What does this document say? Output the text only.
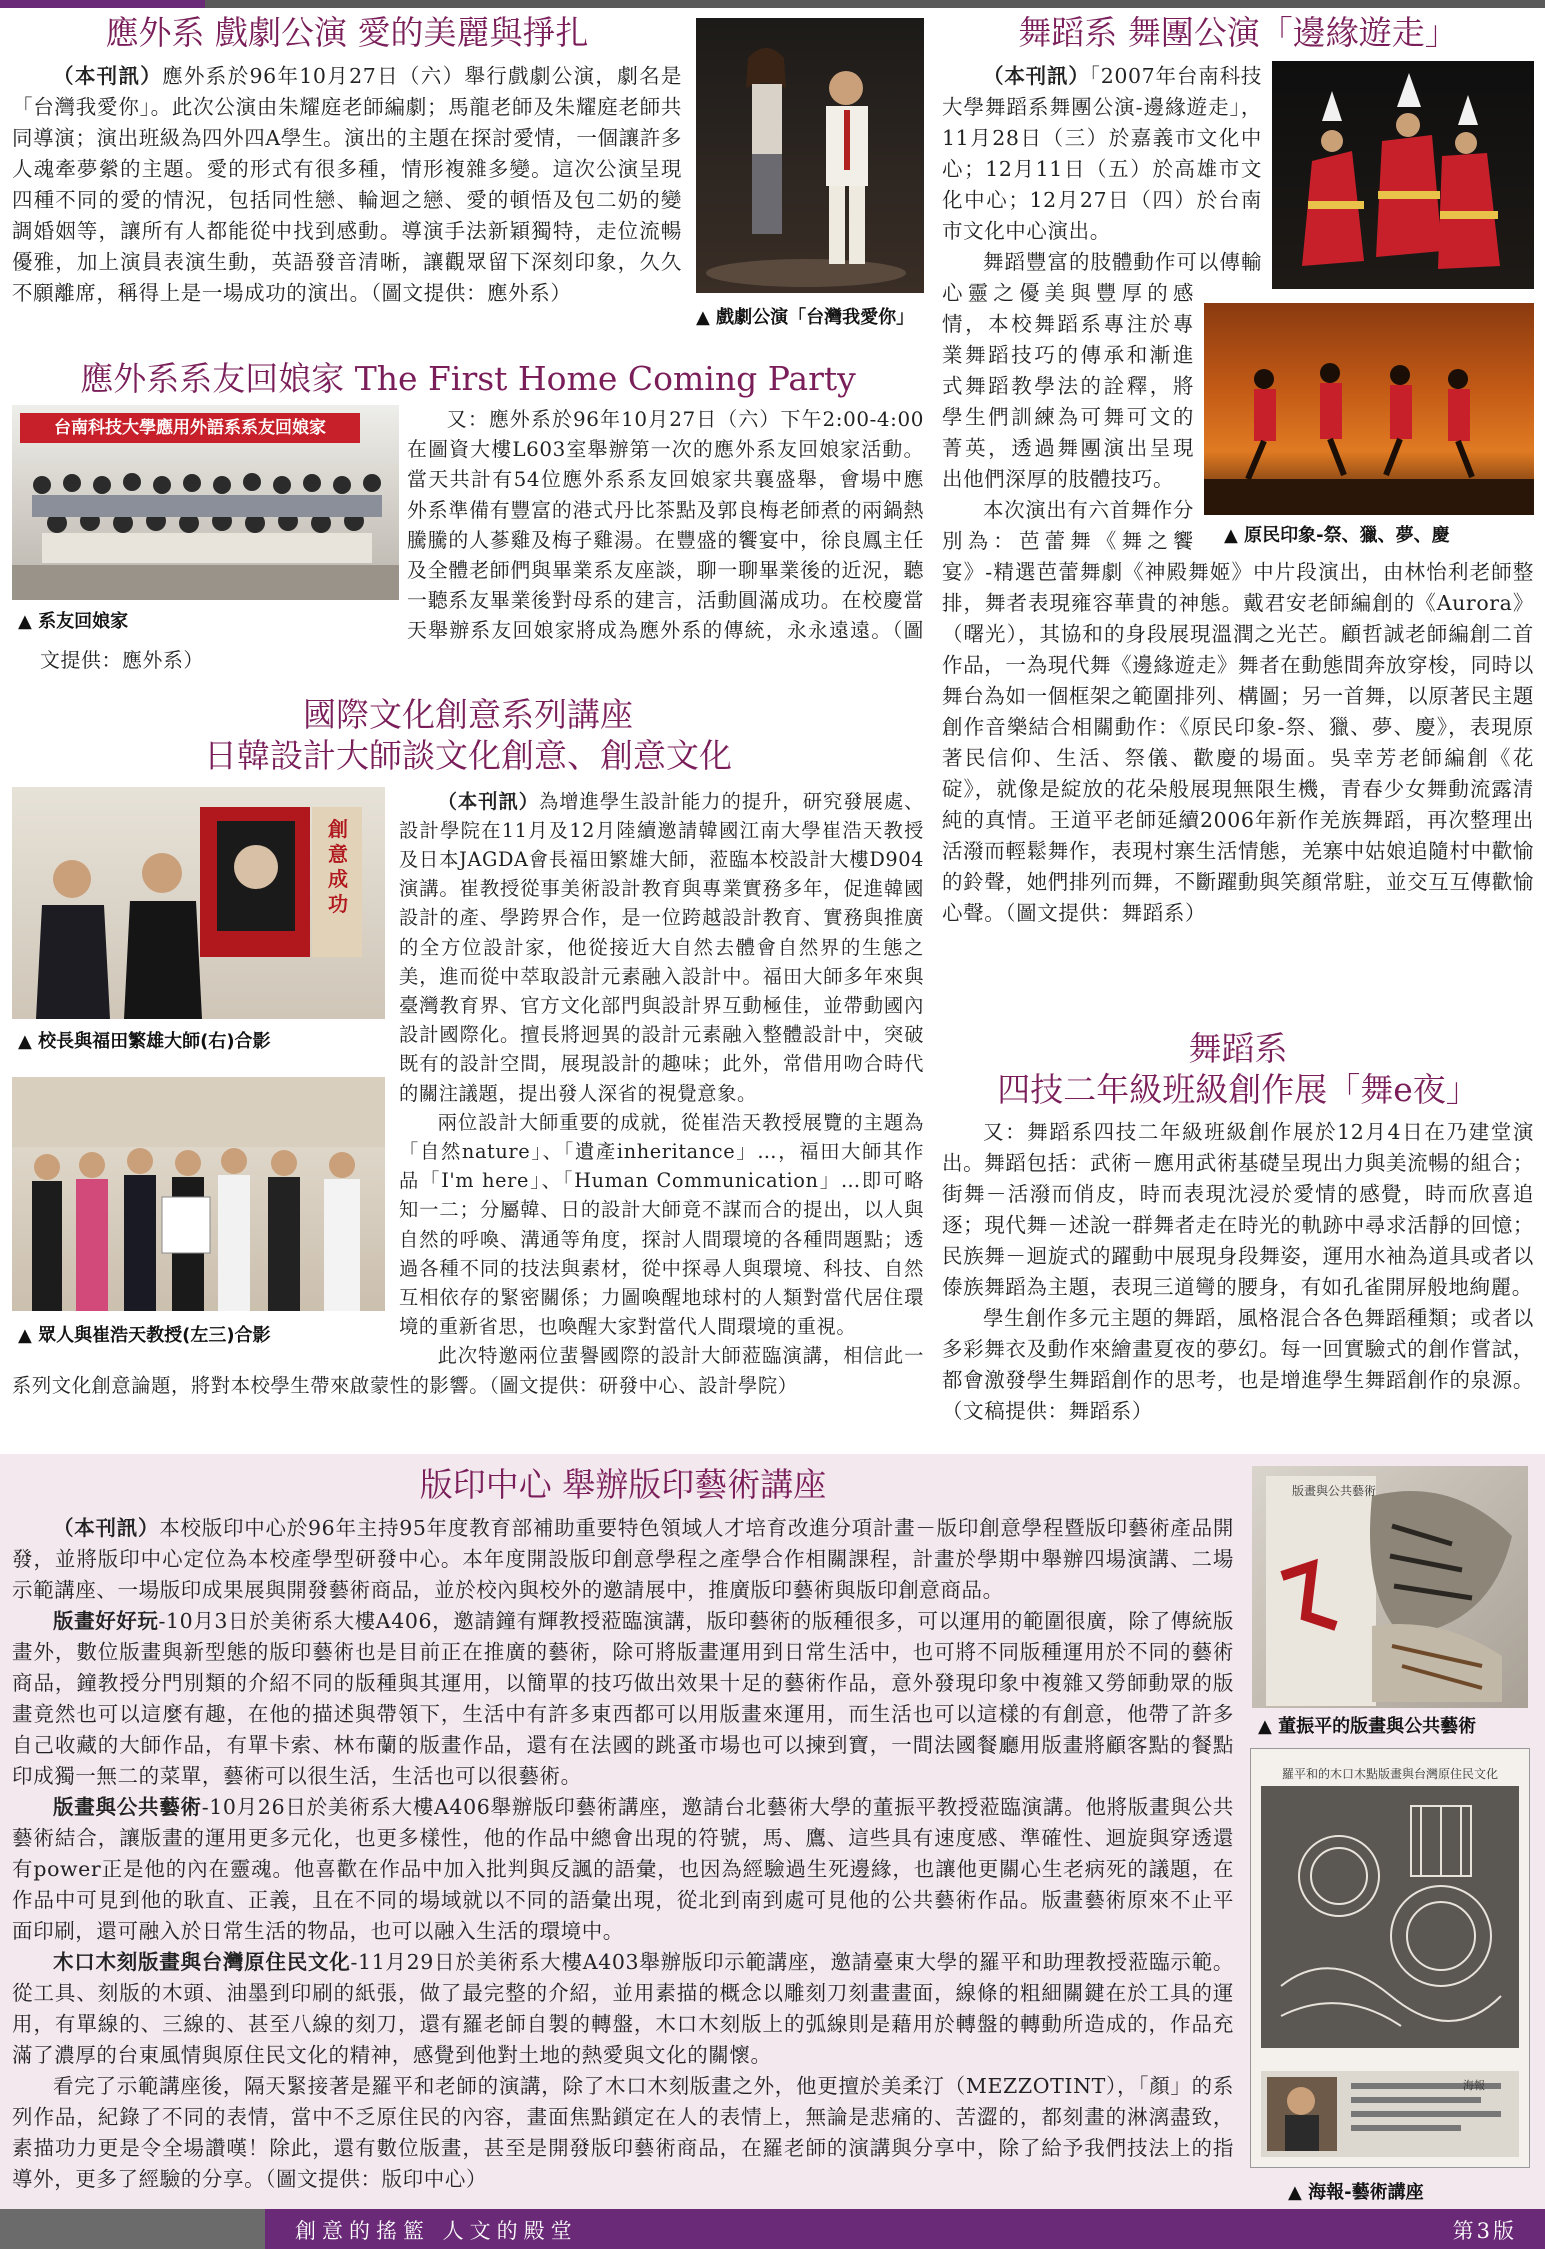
應外系 戲劇公演 愛的美麗與掙扎
（本刊訊）應外系於96年10月27日（六）舉行戲劇公演，劇名是「台灣我愛你」。此次公演由朱耀庭老師編劇；馬龍老師及朱耀庭老師共同導演；演出班級為四外四A學生。演出的主題在探討愛情，一個讓許多人魂牽夢縈的主題。愛的形式有很多種，情形複雜多變。這次公演呈現四種不同的愛的情況，包括同性戀、輪迴之戀、愛的頓悟及包二奶的變調婚姻等，讓所有人都能從中找到感動。導演手法新穎獨特，走位流暢優雅，加上演員表演生動，英語發音清晰，讓觀眾留下深刻印象，久久不願離席，稱得上是一場成功的演出。（圖文提供：應外系）
▲ 戲劇公演「台灣我愛你」
應外系系友回娘家 The First Home Coming Party
台南科技大學應用外語系系友回娘家
▲ 系友回娘家
又：應外系於96年10月27日（六）下午2:00-4:00在圖資大樓L603室舉辦第一次的應外系友回娘家活動。當天共計有54位應外系系友回娘家共襄盛舉，會場中應外系準備有豐富的港式丹比茶點及郭良梅老師煮的兩鍋熱騰騰的人蔘雞及梅子雞湯。在豐盛的饗宴中，徐良鳳主任及全體老師們與畢業系友座談，聊一聊畢業後的近況，聽一聽系友畢業後對母系的建言，活動圓滿成功。在校慶當天舉辦系友回娘家將成為應外系的傳統，永永遠遠。（圖文提供：應外系）
國際文化創意系列講座
日韓設計大師談文化創意、創意文化
創意成功
▲ 校長與福田繁雄大師(右)合影
▲ 眾人與崔浩天教授(左三)合影
（本刊訊）為增進學生設計能力的提升，研究發展處、設計學院在11月及12月陸續邀請韓國江南大學崔浩天教授及日本JAGDA會長福田繁雄大師，蒞臨本校設計大樓D904演講。崔教授從事美術設計教育與專業實務多年，促進韓國設計的產、學跨界合作，是一位跨越設計教育、實務與推廣的全方位設計家，他從接近大自然去體會自然界的生態之美，進而從中萃取設計元素融入設計中。福田大師多年來與臺灣教育界、官方文化部門與設計界互動極佳，並帶動國內設計國際化。擅長將迥異的設計元素融入整體設計中，突破既有的設計空間，展現設計的趣味；此外，常借用吻合時代的關注議題，提出發人深省的視覺意象。
兩位設計大師重要的成就，從崔浩天教授展覽的主題為「自然nature」、「遺產inheritance」…，福田大師其作品「I'm here」、「Human Communication」…即可略知一二；分屬韓、日的設計大師竟不謀而合的提出，以人與自然的呼喚、溝通等角度，探討人間環境的各種問題點；透過各種不同的技法與素材，從中探尋人與環境、科技、自然互相依存的緊密關係；力圖喚醒地球村的人類對當代居住環境的重新省思，也喚醒大家對當代人間環境的重視。
此次特邀兩位蜚譽國際的設計大師蒞臨演講，相信此一系列文化創意論題，將對本校學生帶來啟蒙性的影響。（圖文提供：研發中心、設計學院）
舞蹈系 舞團公演「邊緣遊走」
（本刊訊）「2007年台南科技大學舞蹈系舞團公演-邊緣遊走」，11月28日（三）於嘉義市文化中心；12月11日（五）於高雄市文化中心；12月27日（四）於台南市文化中心演出。
▲ 原民印象-祭、獵、夢、慶
舞蹈豐富的肢體動作可以傳輸心靈之優美與豐厚的感情，本校舞蹈系專注於專業舞蹈技巧的傳承和漸進式舞蹈教學法的詮釋，將學生們訓練為可舞可文的菁英，透過舞團演出呈現出他們深厚的肢體技巧。
本次演出有六首舞作分別為：芭蕾舞《舞之饗宴》-精選芭蕾舞劇《神殿舞姬》中片段演出，由林怡利老師整排，舞者表現雍容華貴的神態。戴君安老師編創的《Aurora》（曙光），其協和的身段展現溫潤之光芒。顧哲誠老師編創二首作品，一為現代舞《邊緣遊走》舞者在動態間奔放穿梭，同時以舞台為如一個框架之範圍排列、構圖；另一首舞，以原著民主題創作音樂結合相關動作：《原民印象-祭、獵、夢、慶》，表現原著民信仰、生活、祭儀、歡慶的場面。吳幸芳老師編創《花碇》，就像是綻放的花朵般展現無限生機，青春少女舞動流露清純的真情。王道平老師延續2006年新作羌族舞蹈，再次整理出活潑而輕鬆舞作，表現村寨生活情態，羌寨中姑娘追隨村中歡愉的鈴聲，她們排列而舞，不斷躍動與笑顏常駐，並交互互傳歡愉心聲。（圖文提供：舞蹈系）
舞蹈系
四技二年級班級創作展「舞e夜」
又：舞蹈系四技二年級班級創作展於12月4日在乃建堂演出。舞蹈包括：武術－應用武術基礎呈現出力與美流暢的組合；街舞－活潑而俏皮，時而表現沈浸於愛情的感覺，時而欣喜追逐；現代舞－述說一群舞者走在時光的軌跡中尋求活靜的回憶；民族舞－迴旋式的躍動中展現身段舞姿，運用水袖為道具或者以傣族舞蹈為主題，表現三道彎的腰身，有如孔雀開屏般地絢麗。
學生創作多元主題的舞蹈，風格混合各色舞蹈種類；或者以多彩舞衣及動作來繪畫夏夜的夢幻。每一回實驗式的創作嘗試，都會激發學生舞蹈創作的思考，也是增進學生舞蹈創作的泉源。（文稿提供：舞蹈系）
版印中心 舉辦版印藝術講座
（本刊訊）本校版印中心於96年主持95年度教育部補助重要特色領域人才培育改進分項計畫－版印創意學程暨版印藝術產品開發，並將版印中心定位為本校產學型研發中心。本年度開設版印創意學程之產學合作相關課程，計畫於學期中舉辦四場演講、二場示範講座、一場版印成果展與開發藝術商品，並於校內與校外的邀請展中，推廣版印藝術與版印創意商品。
版畫好好玩-10月3日於美術系大樓A406，邀請鐘有輝教授蒞臨演講，版印藝術的版種很多，可以運用的範圍很廣，除了傳統版畫外，數位版畫與新型態的版印藝術也是目前正在推廣的藝術，除可將版畫運用到日常生活中，也可將不同版種運用於不同的藝術商品，鐘教授分門別類的介紹不同的版種與其運用，以簡單的技巧做出效果十足的藝術作品，意外發現印象中複雜又勞師動眾的版畫竟然也可以這麼有趣，在他的描述與帶領下，生活中有許多東西都可以用版畫來運用，而生活也可以這樣的有創意，他帶了許多自己收藏的大師作品，有單卡索、林布蘭的版畫作品，還有在法國的跳蚤市場也可以揀到寶，一間法國餐廳用版畫將顧客點的餐點印成獨一無二的菜單，藝術可以很生活，生活也可以很藝術。
版畫與公共藝術-10月26日於美術系大樓A406舉辦版印藝術講座，邀請台北藝術大學的董振平教授蒞臨演講。他將版畫與公共藝術結合，讓版畫的運用更多元化，也更多樣性，他的作品中總會出現的符號，馬、鷹、這些具有速度感、準確性、迴旋與穿透還有power正是他的內在靈魂。他喜歡在作品中加入批判與反諷的語彙，也因為經驗過生死邊緣，也讓他更關心生老病死的議題，在作品中可見到他的耿直、正義，且在不同的場域就以不同的語彙出現，從北到南到處可見他的公共藝術作品。版畫藝術原來不止平面印刷，還可融入於日常生活的物品，也可以融入生活的環境中。
木口木刻版畫與台灣原住民文化-11月29日於美術系大樓A403舉辦版印示範講座，邀請臺東大學的羅平和助理教授蒞臨示範。從工具、刻版的木頭、油墨到印刷的紙張，做了最完整的介紹，並用素描的概念以雕刻刀刻畫畫面，線條的粗細關鍵在於工具的運用，有單線的、三線的、甚至八線的刻刀，還有羅老師自製的轉盤，木口木刻版上的弧線則是藉用於轉盤的轉動所造成的，作品充滿了濃厚的台東風情與原住民文化的精神，感覺到他對土地的熱愛與文化的關懷。
看完了示範講座後，隔天緊接著是羅平和老師的演講，除了木口木刻版畫之外，他更擅於美柔汀（MEZZOTINT），「顏」的系列作品，紀錄了不同的表情，當中不乏原住民的內容，畫面焦點鎖定在人的表情上，無論是悲痛的、苦澀的，都刻畫的淋漓盡致，素描功力更是令全場讚嘆！除此，還有數位版畫，甚至是開發版印藝術商品，在羅老師的演講與分享中，除了給予我們技法上的指導外，更多了經驗的分享。（圖文提供：版印中心）
版畫與公共藝術
▲ 董振平的版畫與公共藝術
羅平和的木口木點版畫與台灣原住民文化
海報
▲ 海報-藝術講座
創意的搖籃 人文的殿堂	第3版
